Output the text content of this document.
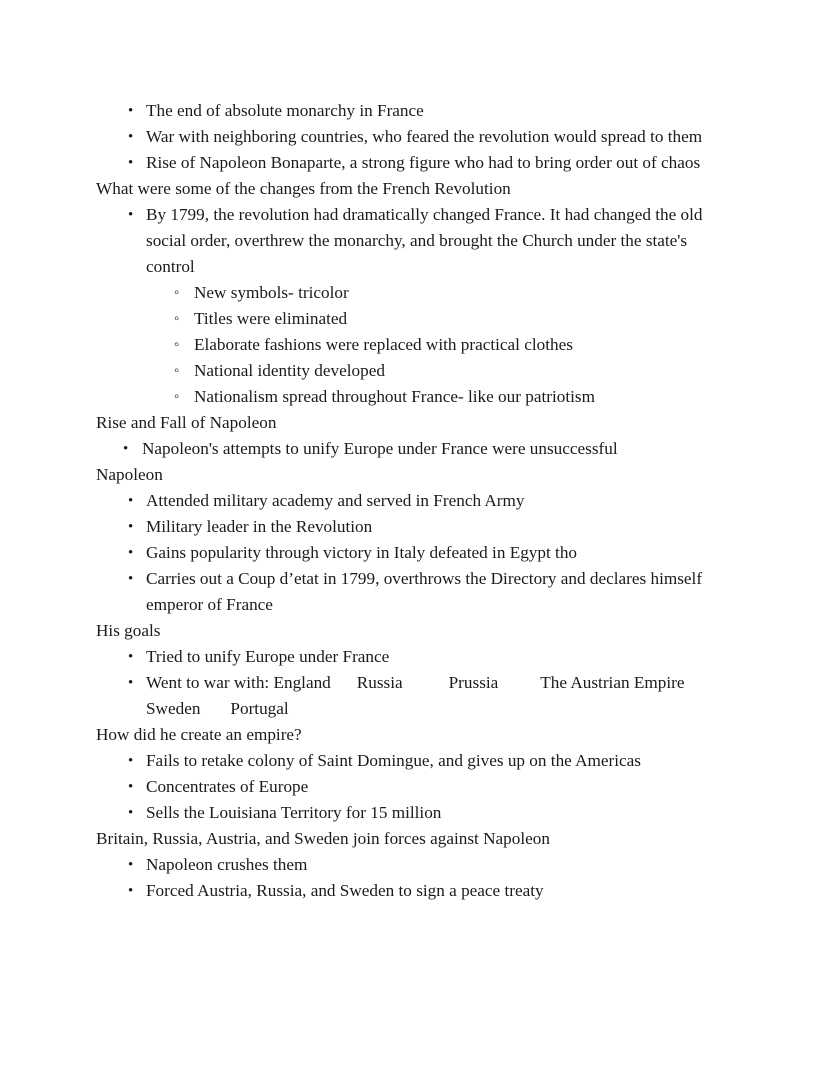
• The end of absolute monarchy in France
• War with neighboring countries, who feared the revolution would spread to them
• Rise of Napoleon Bonaparte, a strong figure who had to bring order out of chaos

What were some of the changes from the French Revolution

• By 1799, the revolution had dramatically changed France. It had changed the old social order, overthrew the monarchy, and brought the Church under the state's control
◦ New symbols- tricolor
◦ Titles were eliminated
◦ Elaborate fashions were replaced with practical clothes
◦ National identity developed
◦ Nationalism spread throughout France- like our patriotism

Rise and Fall of Napoleon

• Napoleon's attempts to unify Europe under France were unsuccessful

Napoleon

• Attended military academy and served in French Army
• Military leader in the Revolution
• Gains popularity through victory in Italy defeated in Egypt tho
• Carries out a Coup d’etat in 1799, overthrows the Directory and declares himself emperor of France

His goals

• Tried to unify Europe under France
• Went to war with: England Russia	Prussia The Austrian EmpireSweden Portugal

How did he create an empire?

• Fails to retake colony of Saint Domingue, and gives up on the Americas
• Concentrates of Europe
• Sells the Louisiana Territory for 15 million

Britain, Russia, Austria, and Sweden join forces against Napoleon

• Napoleon crushes them
• Forced Austria, Russia, and Sweden to sign a peace treaty
